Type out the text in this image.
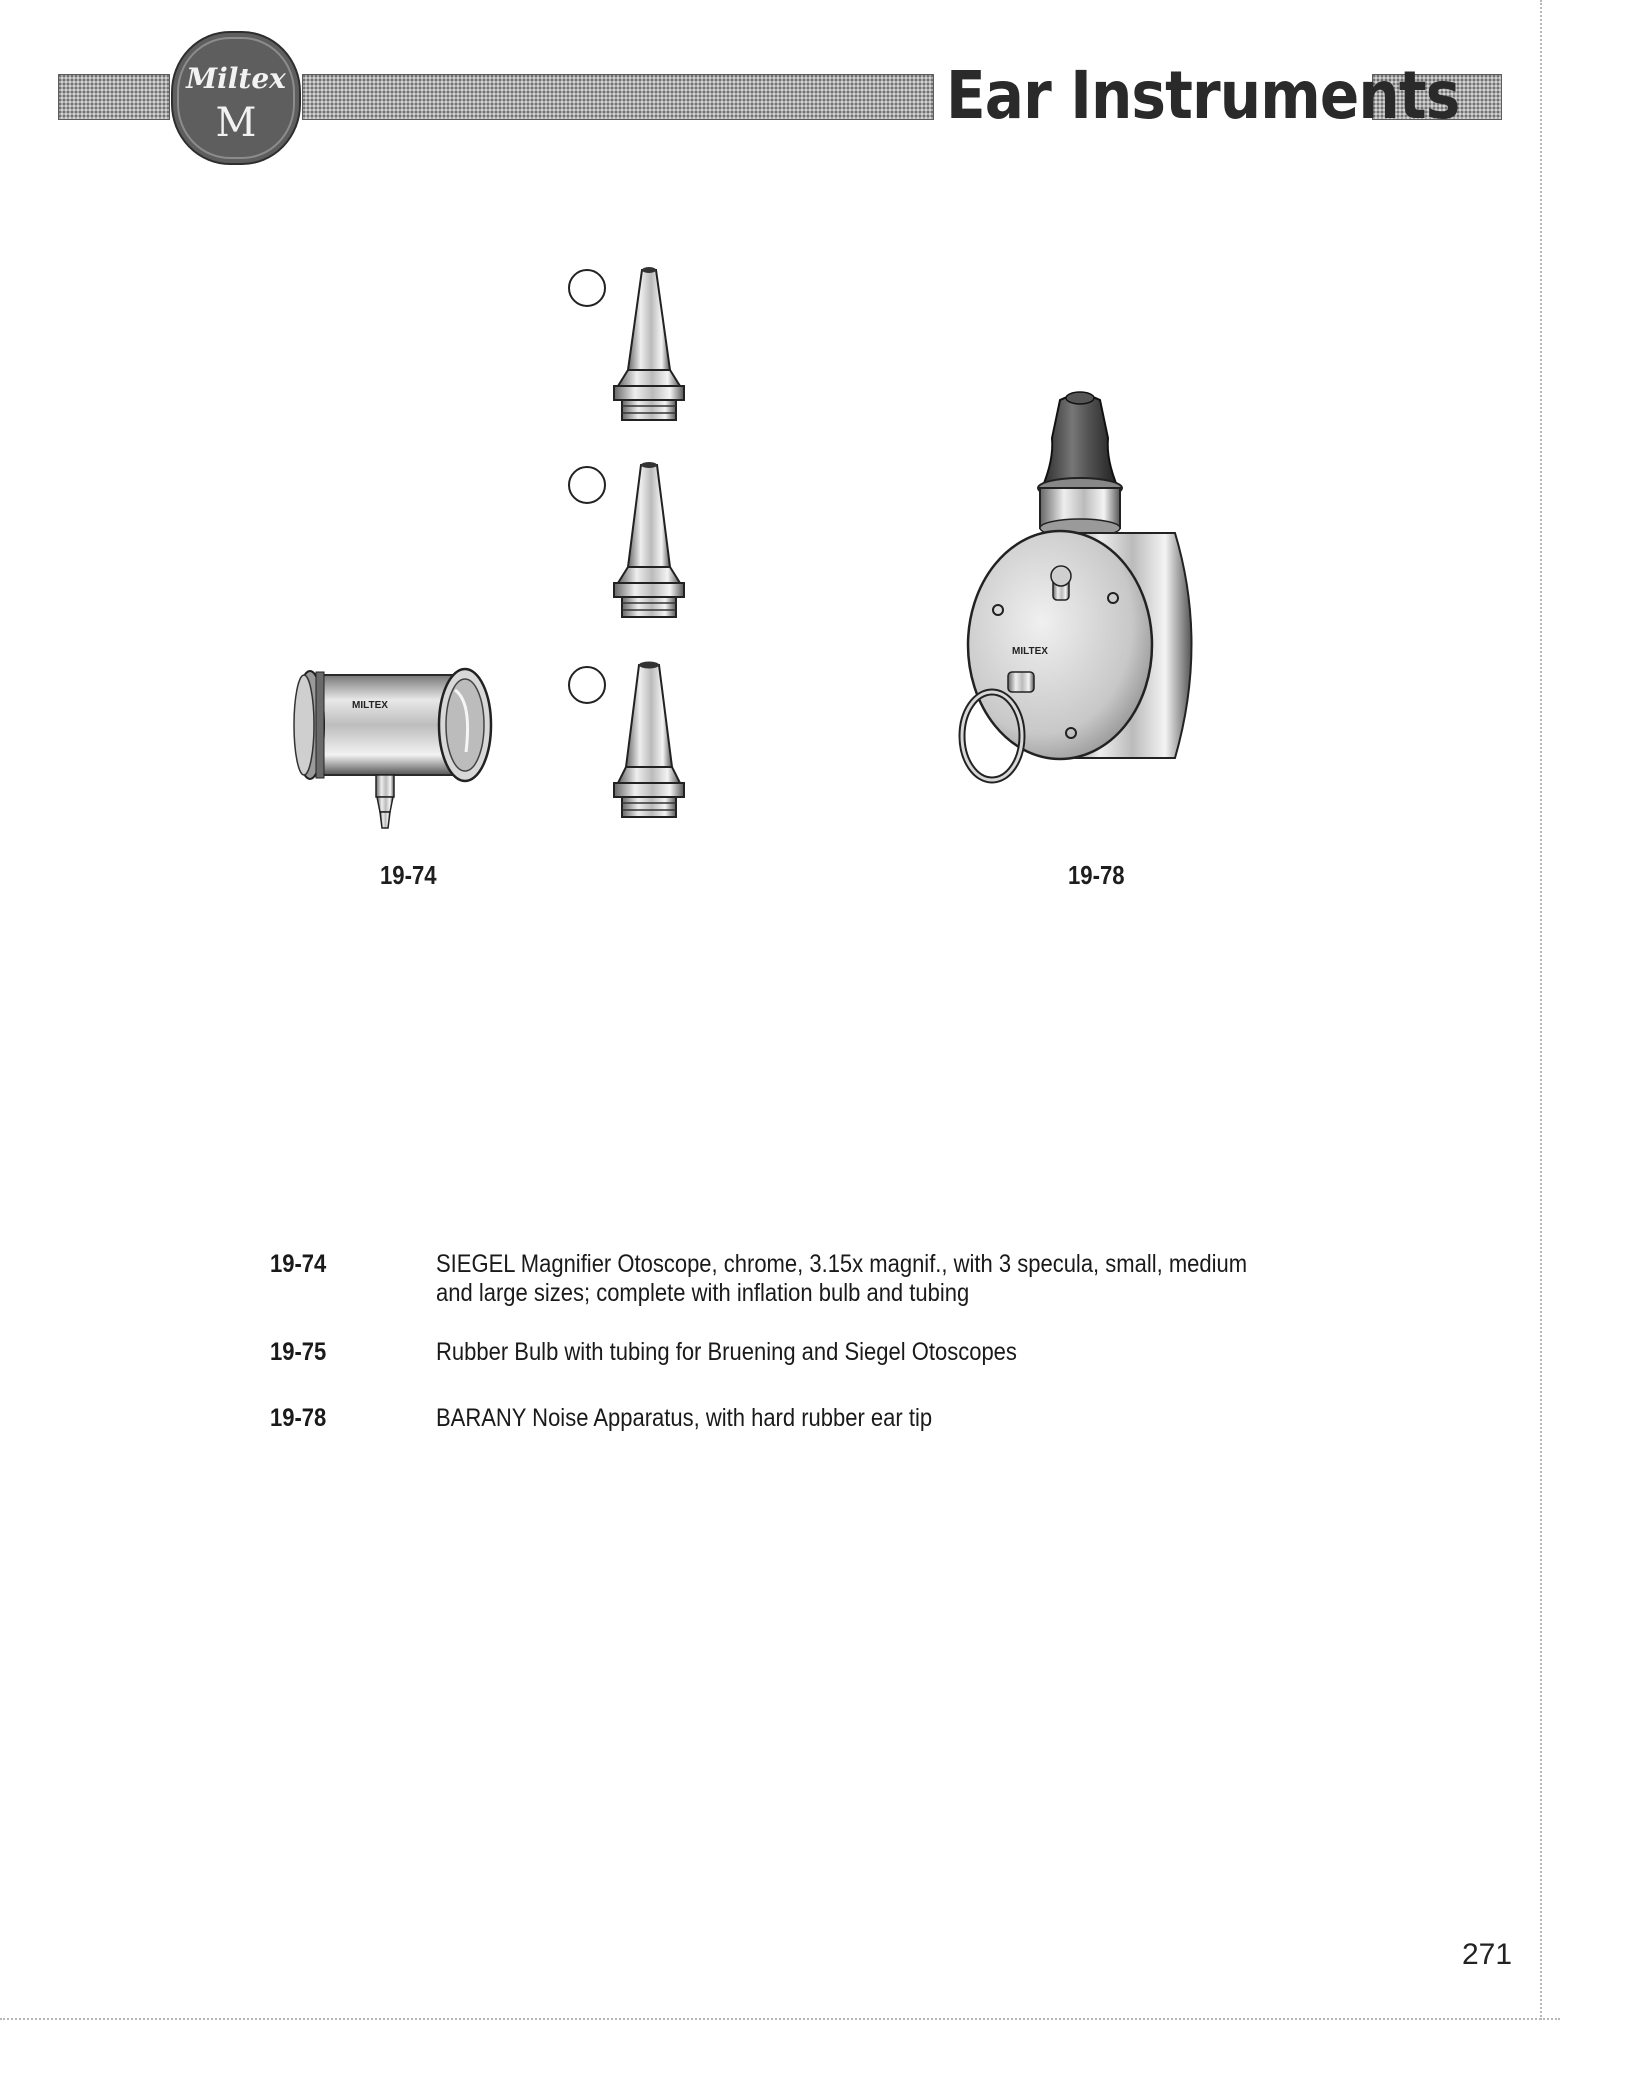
Miltex
M	Ear Instruments
MILTEX
MILTEX
19-74	19-78
19-74	SIEGEL Magnifier Otoscope, chrome, 3.15x magnif., with 3 specula, small, medium and large sizes; complete with inflation bulb and tubing
19-75	Rubber Bulb with tubing for Bruening and Siegel Otoscopes
19-78	BARANY Noise Apparatus, with hard rubber ear tip
271
